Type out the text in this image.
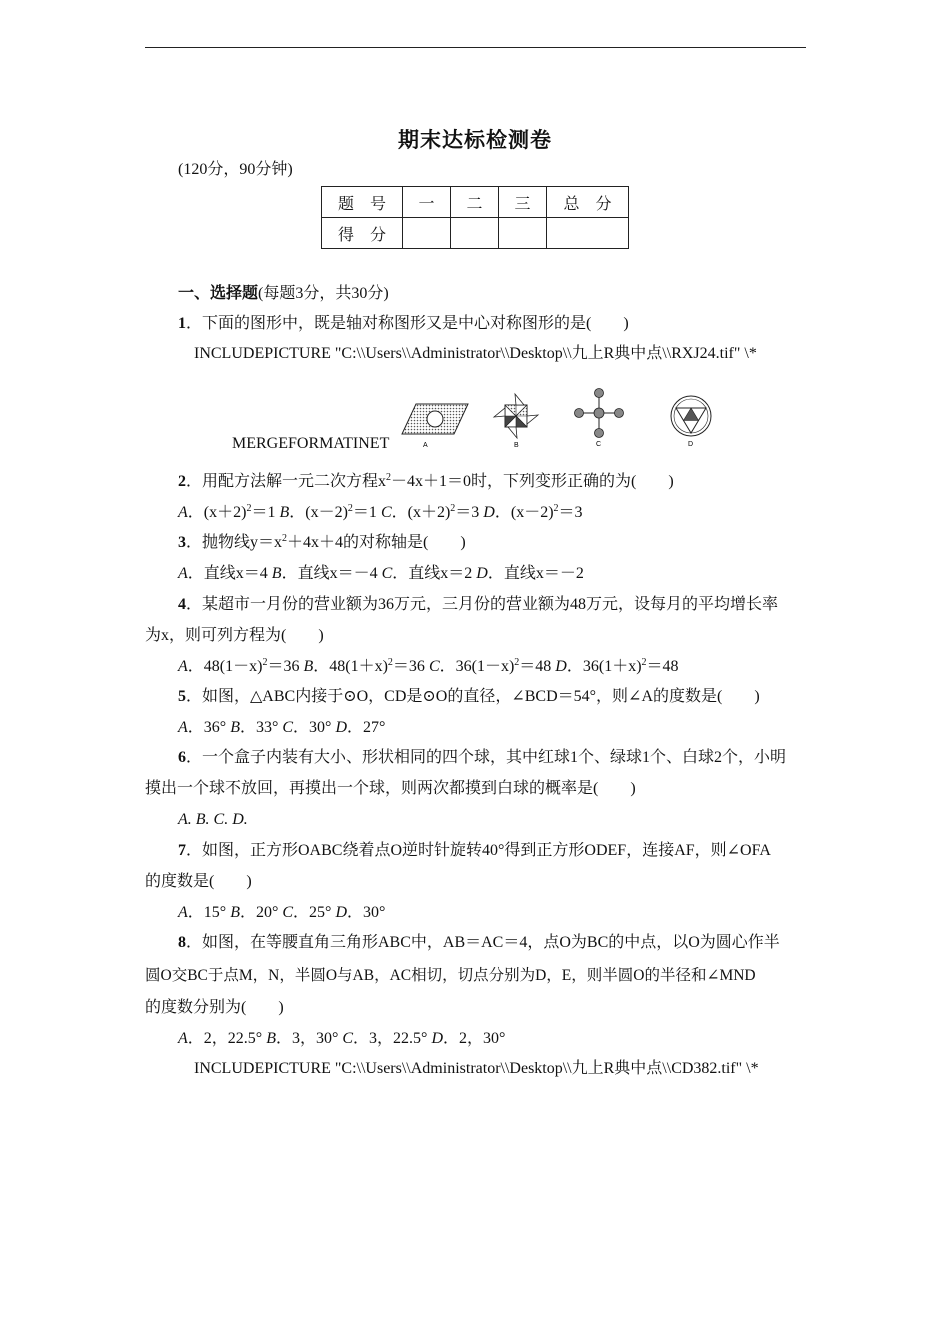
期末达标检测卷
(120分，90分钟)
题　号	一	二	三	总　分
得　分				
一、选择题(每题3分，共30分)
1．下面的图形中，既是轴对称图形又是中心对称图形的是(　　)
INCLUDEPICTURE "C:\\Users\\Administrator\\Desktop\\九上R典中点\\RXJ24.tif" \*
MERGEFORMATINET	A	B	C	D
2．用配方法解一元二次方程$x^2-4x+1=0$时，下列变形正确的为(　　)
A．$(x+2)^2=1$ B．$(x-2)^2=1$ C．$(x+2)^2=3$ D．$(x-2)^2=3$
3．抛物线$y=x^2+4x+4$的对称轴是(　　)
A．直线x＝4 B．直线x＝－4 C．直线x＝2 D．直线x＝－2
4．某超市一月份的营业额为36万元，三月份的营业额为48万元，设每月的平均增长率
为x，则可列方程为(　　)
A．$48(1-x)^2=36$ B．$48(1+x)^2=36$ C．$36(1-x)^2=48$ D．$36(1+x)^2=48$
5．如图，△ABC内接于⊙O，CD是⊙O的直径，∠BCD＝54°，则∠A的度数是(　　)
A．36° B．33° C．30° D．27°
6．一个盒子内装有大小、形状相同的四个球，其中红球1个、绿球1个、白球2个，小明
摸出一个球不放回，再摸出一个球，则两次都摸到白球的概率是(　　)
A. B. C. D.
7．如图，正方形OABC绕着点O逆时针旋转40°得到正方形ODEF，连接AF，则∠OFA
的度数是(　　)
A．15° B．20° C．25° D．30°
8．如图，在等腰直角三角形ABC中，AB＝AC＝4，点O为BC的中点，以O为圆心作半
圆O交BC于点M，N，半圆O与AB，AC相切，切点分别为D，E，则半圆O的半径和∠MND
的度数分别为(　　)
A．2，22.5° B．3，30° C．3，22.5° D．2，30°
INCLUDEPICTURE "C:\\Users\\Administrator\\Desktop\\九上R典中点\\CD382.tif" \*
